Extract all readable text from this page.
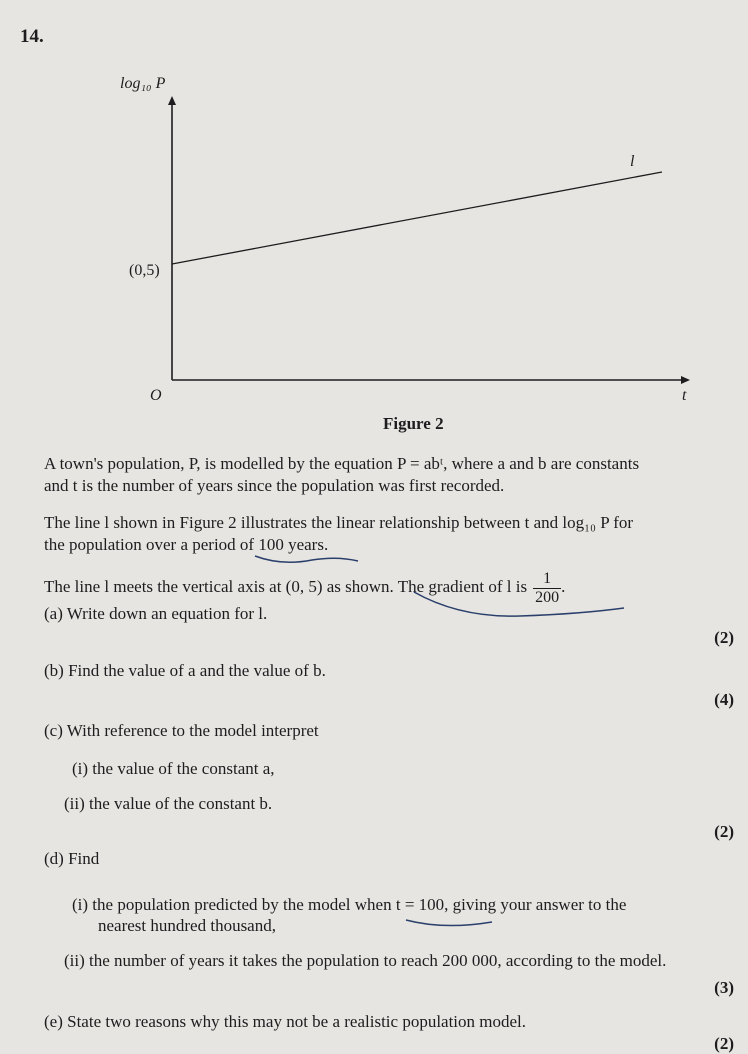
14.
log₁₀ P
l
(0,5)
O	t
Figure 2
A town's population, P, is modelled by the equation P = abᵗ, where a and b are constants
and t is the number of years since the population was first recorded.
The line l shown in Figure 2 illustrates the linear relationship between t and log₁₀ P for
the population over a period of 100 years.
The line l meets the vertical axis at (0, 5) as shown. The gradient of l is $\frac{1}{200}$ .
(a) Write down an equation for l.
(2)
(b) Find the value of a and the value of b.
(4)
(c) With reference to the model interpret
(i) the value of the constant a,
(ii) the value of the constant b.
(2)
(d) Find
(i) the population predicted by the model when t = 100, giving your answer to the
nearest hundred thousand,
(ii) the number of years it takes the population to reach 200 000, according to the model.
(3)
(e) State two reasons why this may not be a realistic population model.
(2)
